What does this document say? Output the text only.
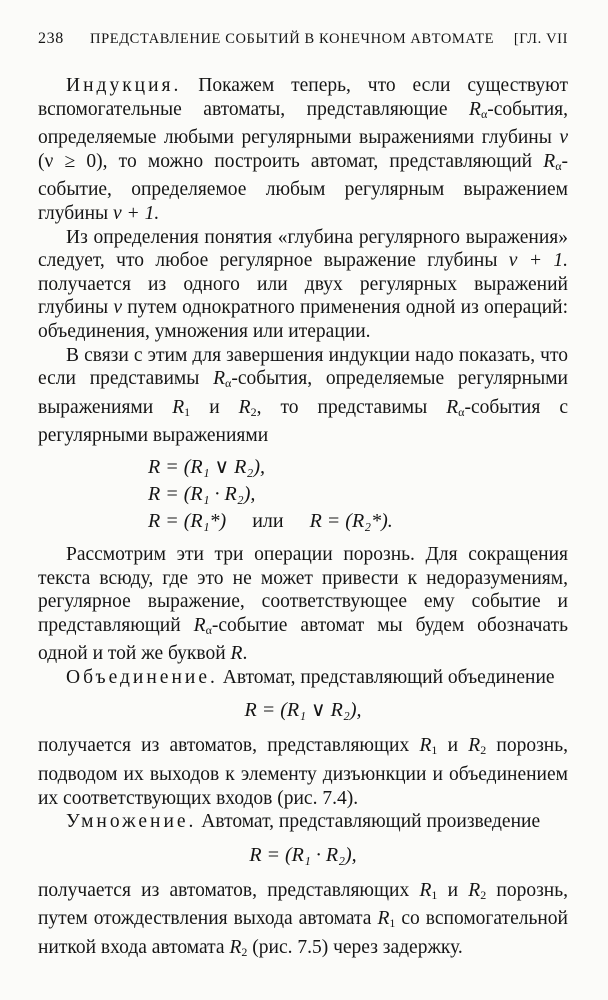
238	ПРЕДСТАВЛЕНИЕ СОБЫТИЙ В КОНЕЧНОМ АВТОМАТЕ	[ГЛ. VII

Индукция. Покажем теперь, что если существуют вспомогательные автоматы, представляющие $R_\alpha$-события, определяемые любыми регулярными выражениями глубины ν (ν ≥ 0), то можно построить автомат, представляющий $R_\alpha$-событие, определяемое любым регулярным выражением глубины ν + 1.

Из определения понятия «глубина регулярного выражения» следует, что любое регулярное выражение глубины ν + 1. получается из одного или двух регулярных выражений глубины ν путем однократного применения одной из операций: объединения, умножения или итерации.

В связи с этим для завершения индукции надо показать, что если представимы $R_\alpha$-события, определяемые регулярными выражениями $R_1$ и $R_2$, то представимы $R_\alpha$-события с регулярными выражениями

R = (R₁ ∨ R₂),
R = (R₁ · R₂),
R = (R₁*) или R = (R₂*).

Рассмотрим эти три операции порознь. Для сокращения текста всюду, где это не может привести к недоразумениям, регулярное выражение, соответствующее ему событие и представляющий $R_\alpha$-событие автомат мы будем обозначать одной и той же буквой R.

Объединение. Автомат, представляющий объединение

R = (R₁ ∨ R₂),

получается из автоматов, представляющих $R_1$ и $R_2$ порознь, подводом их выходов к элементу дизъюнкции и объединением их соответствующих входов (рис. 7.4).

Умножение. Автомат, представляющий произведение

R = (R₁ · R₂),

получается из автоматов, представляющих $R_1$ и $R_2$ порознь, путем отождествления выхода автомата $R_1$ со вспомогательной ниткой входа автомата $R_2$ (рис. 7.5) через задержку.
